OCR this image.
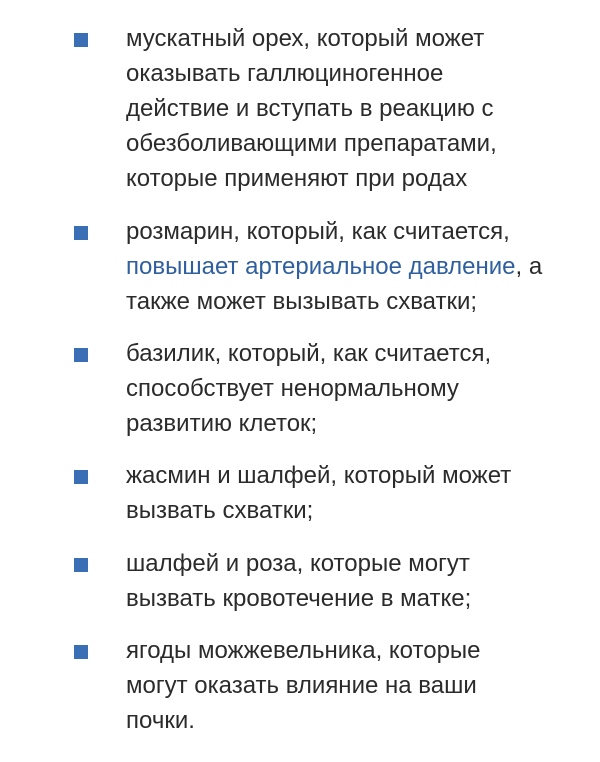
мускатный орех, который может
оказывать галлюциногенное
действие и вступать в реакцию с
обезболивающими препаратами,
которые применяют при родах

розмарин, который, как считается,
повышает артериальное давление, а
также может вызывать схватки;

базилик, который, как считается,
способствует ненормальному
развитию клеток;

жасмин и шалфей, который может
вызвать схватки;

шалфей и роза, которые могут
вызвать кровотечение в матке;

ягоды можжевельника, которые
могут оказать влияние на ваши
почки.
